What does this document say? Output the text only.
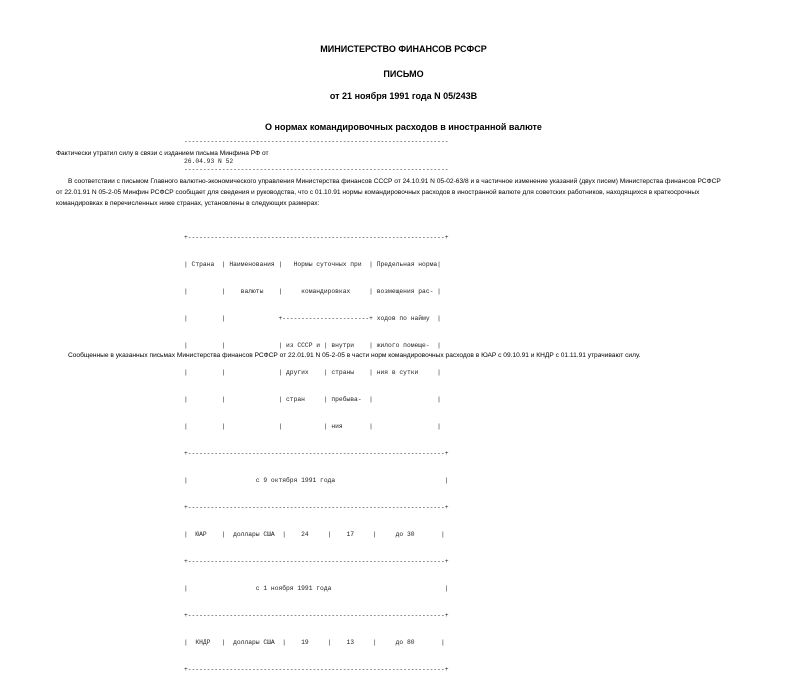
МИНИСТЕРСТВО ФИНАНСОВ РСФСР
ПИСЬМО
от 21 ноября 1991 года N 05/243В
О нормах командировочных расходов в иностранной валюте
----------------------------------------------------------------------
Фактически утратил силу в связи с изданием письма Минфина РФ от
26.04.93 N 52
----------------------------------------------------------------------
В соответствии с письмом Главного валютно-экономического управления Министерства финансов СССР от 24.10.91 N 05-02-63/8 и в частичное изменение указаний (двух писем) Министерства финансов РСФСР
от 22.01.91 N 05-2-05 Минфин РСФСР сообщает для сведения и руководства, что с 01.10.91 нормы командировочных расходов в иностранной валюте для советских работников, находящихся в краткосрочных
командировках в перечисленных ниже странах, установлены в следующих размерах:

+--------------------------------------------------------------------+

| Страна  | Наименования |   Нормы суточных при  | Предельная норма|

|         |    валюты    |     командировках     | возмещения рас- |

|         |              +-----------------------+ ходов по найму  |

|         |              | из СССР и | внутри    | жилого помеще-  |

|         |              | других    | страны    | ния в сутки     |

|         |              | стран     | пребыва-  |                 |

|         |              |           | ния       |                 |

+--------------------------------------------------------------------+

|                  с 9 октября 1991 года                             |

+--------------------------------------------------------------------+

|  ЮАР    |  доллары США  |    24     |    17     |     до 30       |

+--------------------------------------------------------------------+

|                  с 1 ноября 1991 года                              |

+--------------------------------------------------------------------+

|  КНДР   |  доллары США  |    19     |    13     |     до 80       |

+--------------------------------------------------------------------+

Сообщенные в указанных письмах Министерства финансов РСФСР от 22.01.91 N 05-2-05 в части норм командировочных расходов в ЮАР с 09.10.91 и КНДР с 01.11.91 утрачивают силу.
